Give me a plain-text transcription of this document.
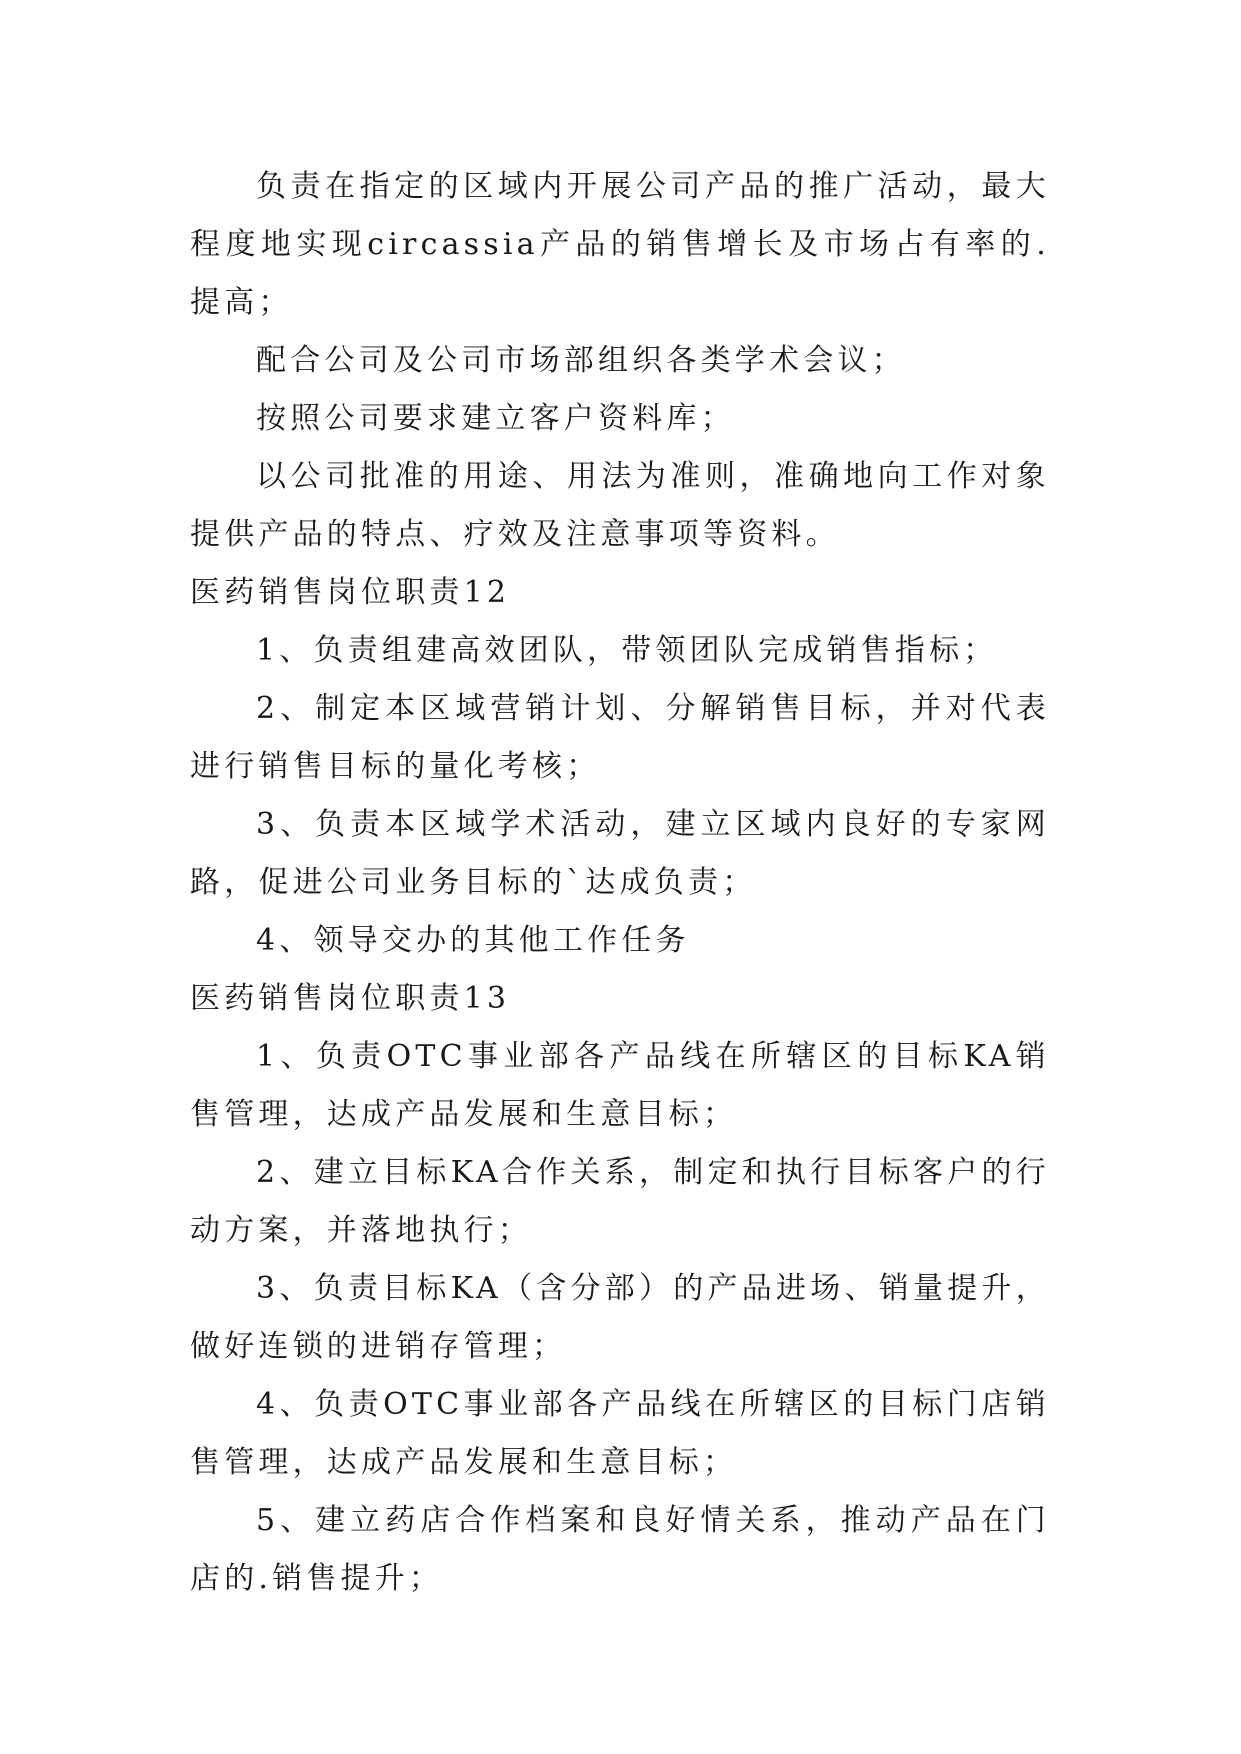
负责在指定的区域内开展公司产品的推广活动，最大程度地实现circassia产品的销售增长及市场占有率的.提高；

配合公司及公司市场部组织各类学术会议；

按照公司要求建立客户资料库；

以公司批准的用途、用法为准则，准确地向工作对象提供产品的特点、疗效及注意事项等资料。

医药销售岗位职责12

1、负责组建高效团队，带领团队完成销售指标；

2、制定本区域营销计划、分解销售目标，并对代表进行销售目标的量化考核；

3、负责本区域学术活动，建立区域内良好的专家网路，促进公司业务目标的`达成负责；

4、领导交办的其他工作任务

医药销售岗位职责13

1、负责OTC事业部各产品线在所辖区的目标KA销售管理，达成产品发展和生意目标；

2、建立目标KA合作关系，制定和执行目标客户的行动方案，并落地执行；

3、负责目标KA（含分部）的产品进场、销量提升，做好连锁的进销存管理；

4、负责OTC事业部各产品线在所辖区的目标门店销售管理，达成产品发展和生意目标；

5、建立药店合作档案和良好情关系，推动产品在门店的.销售提升；
